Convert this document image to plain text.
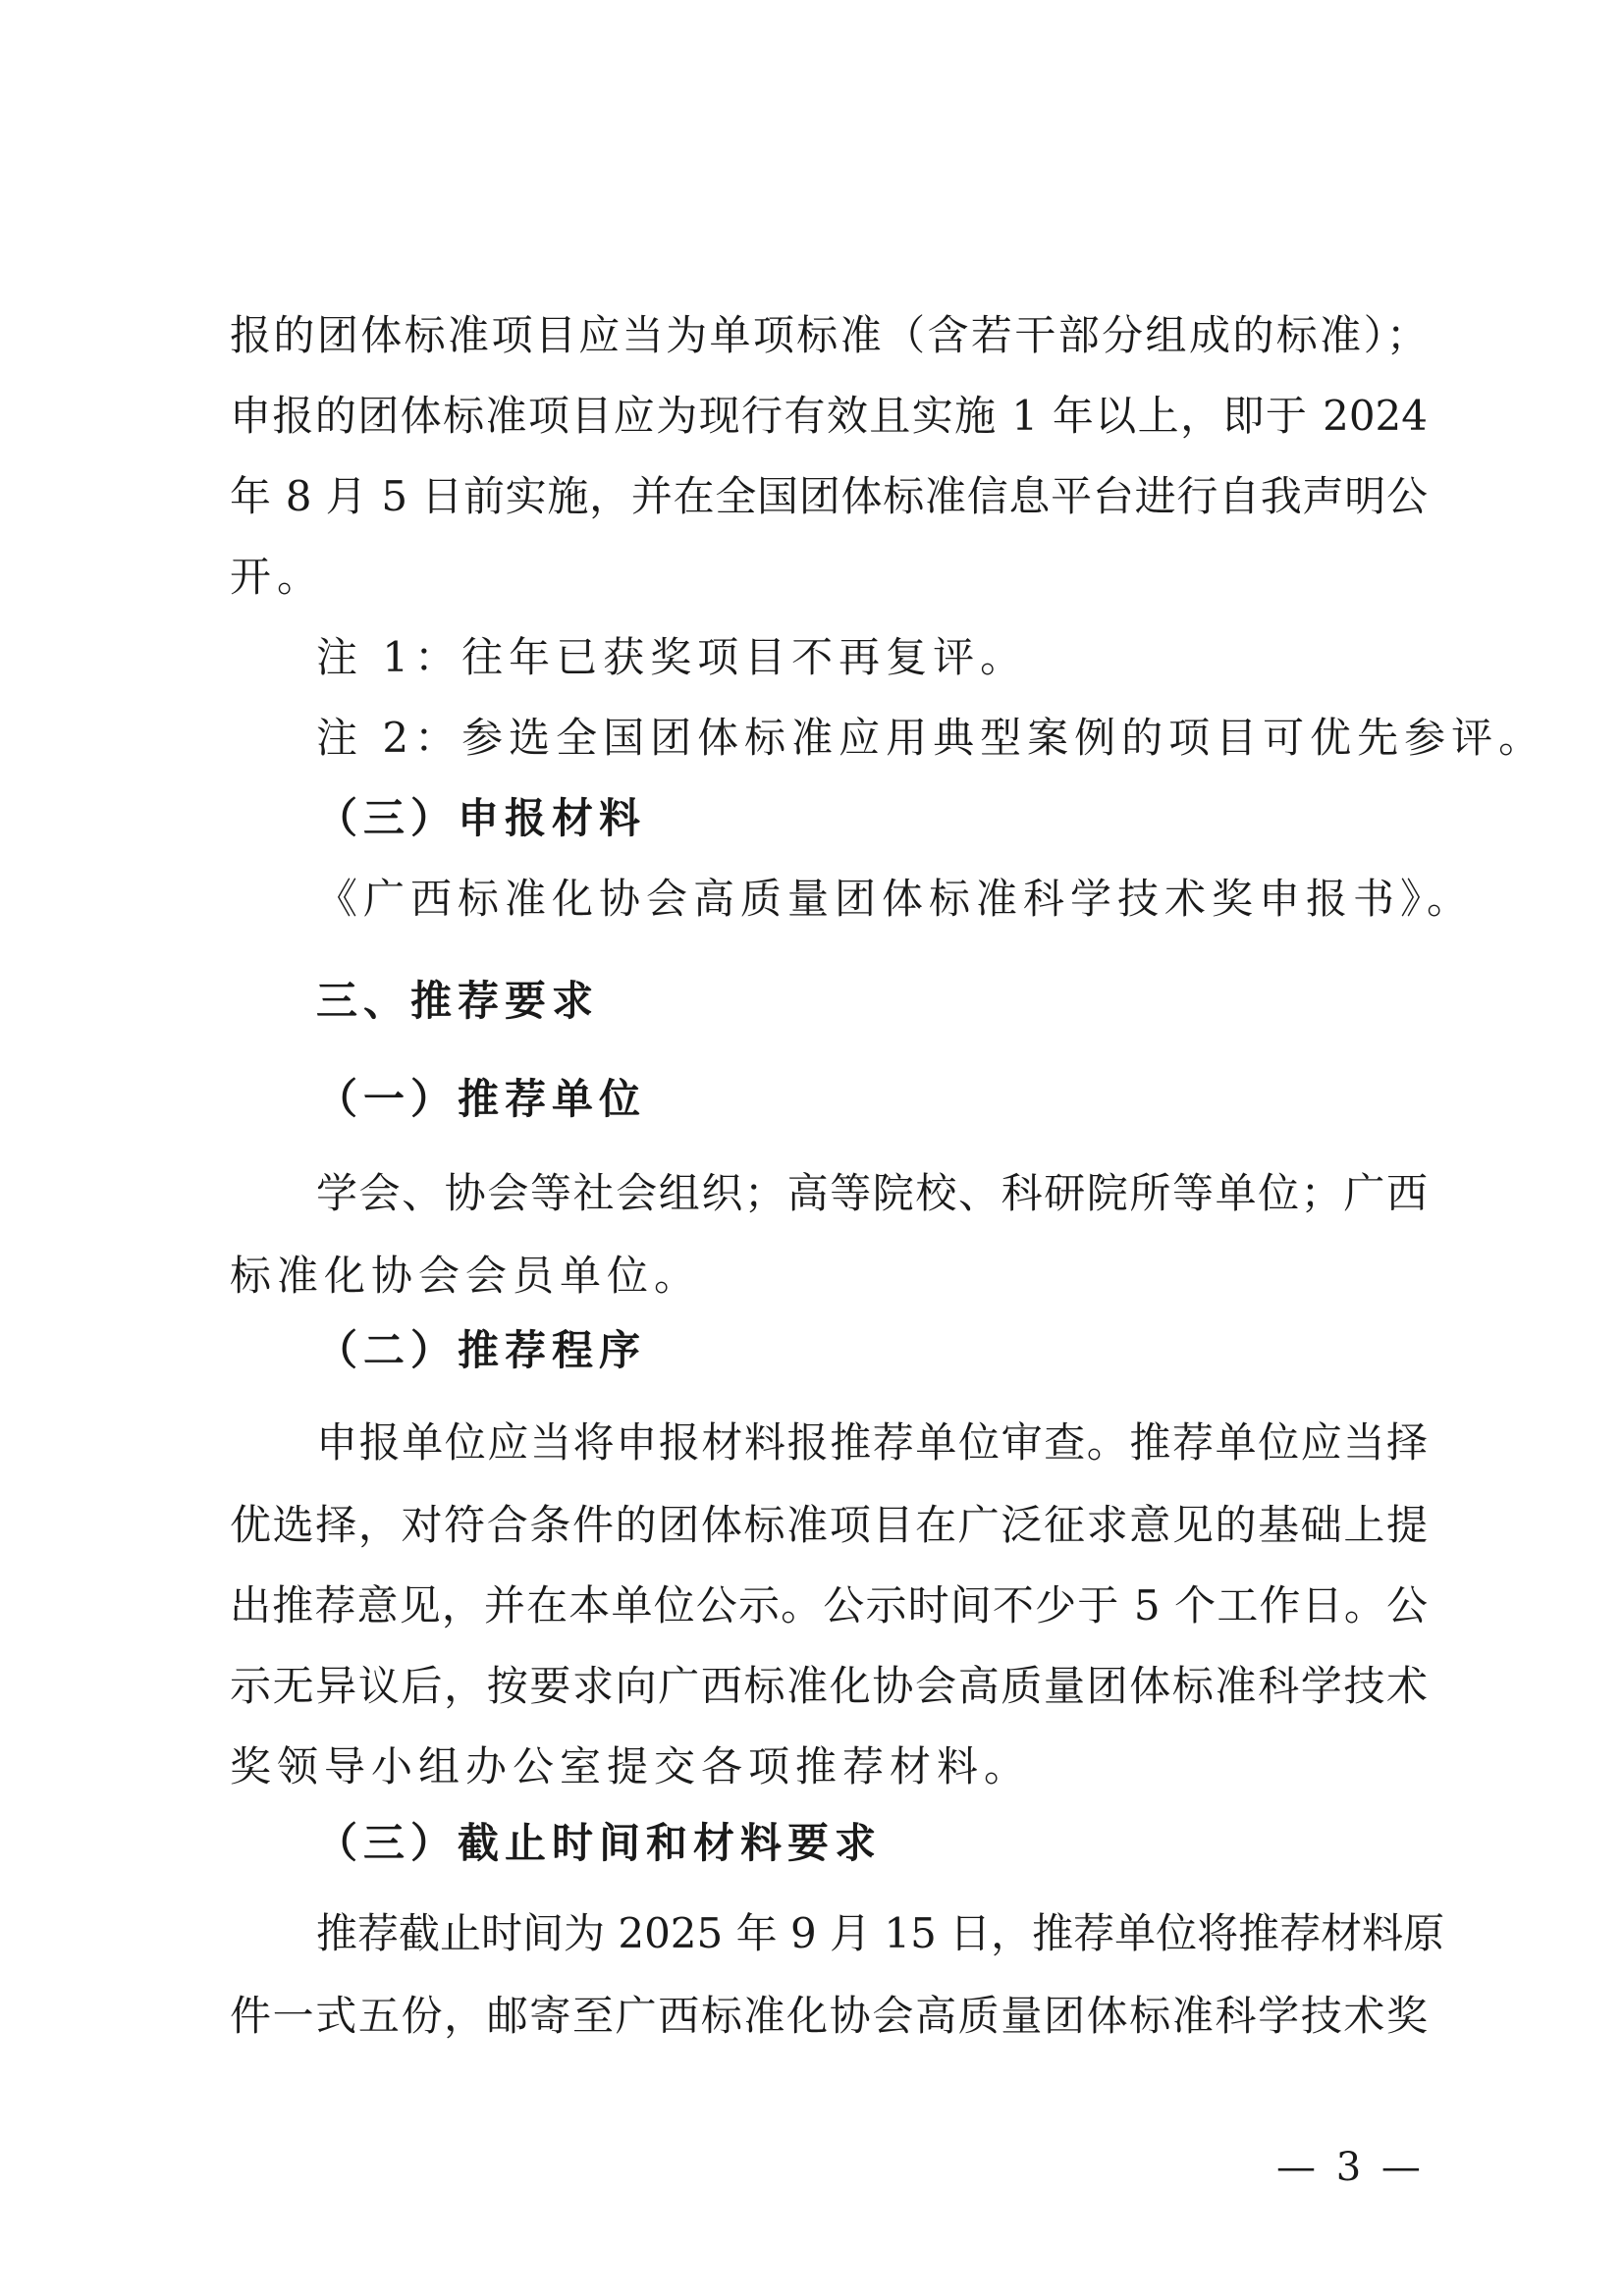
报的团体标准项目应当为单项标准（含若干部分组成的标准）；
申报的团体标准项目应为现行有效且实施 1 年以上，即于 2024
年 8 月 5 日前实施，并在全国团体标准信息平台进行自我声明公
开。
注 1：往年已获奖项目不再复评。
注 2：参选全国团体标准应用典型案例的项目可优先参评。
（三）申报材料
《广西标准化协会高质量团体标准科学技术奖申报书》。
三、推荐要求
（一）推荐单位
学会、协会等社会组织；高等院校、科研院所等单位；广西
标准化协会会员单位。
（二）推荐程序
申报单位应当将申报材料报推荐单位审查。推荐单位应当择
优选择，对符合条件的团体标准项目在广泛征求意见的基础上提
出推荐意见，并在本单位公示。公示时间不少于 5 个工作日。公
示无异议后，按要求向广西标准化协会高质量团体标准科学技术
奖领导小组办公室提交各项推荐材料。
（三）截止时间和材料要求
推荐截止时间为 2025 年 9 月 15 日，推荐单位将推荐材料原
件一式五份，邮寄至广西标准化协会高质量团体标准科学技术奖
— 3 —
